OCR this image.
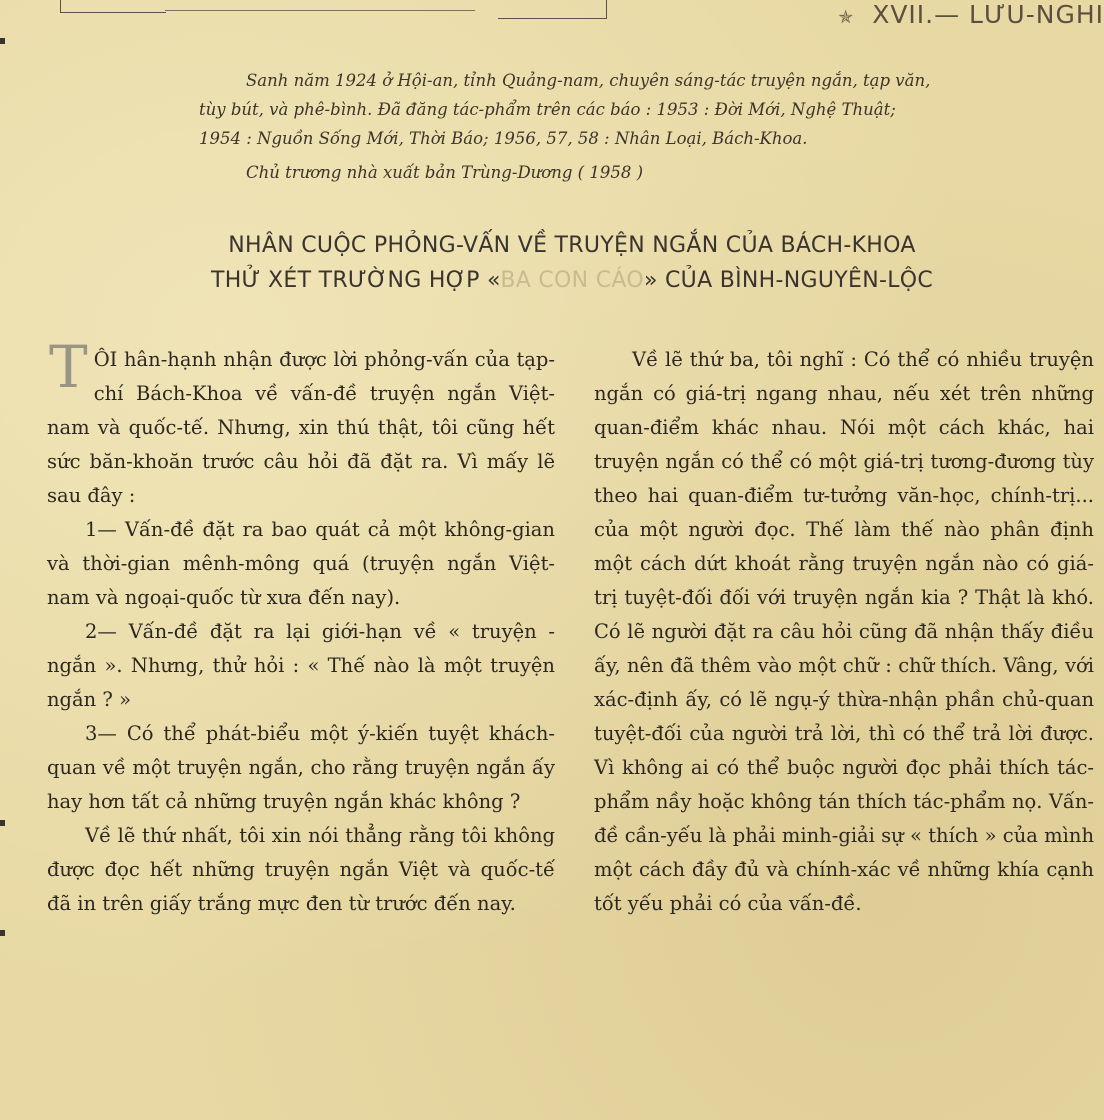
✯ XVII.— LƯU-NGHI
Sanh năm 1924 ở Hội-an, tỉnh Quảng-nam, chuyên sáng-tác truyện ngắn, tạp văn,
tùy bút, và phê-bình. Đã đăng tác-phẩm trên các báo : 1953 : Đời Mới, Nghệ Thuật;
1954 : Nguồn Sống Mới, Thời Báo; 1956, 57, 58 : Nhân Loại, Bách-Khoa.
Chủ trương nhà xuất bản Trùng-Dương ( 1958 )
NHÂN CUỘC PHỎNG-VẤN VỀ TRUYỆN NGẮN CỦA BÁCH-KHOA
THỬ XÉT TRƯỜNG HỢP «BA CON CÁO» CỦA BÌNH-NGUYÊN-LỘC

TÔI hân-hạnh nhận được lời phỏng-vấn của tạp-chí Bách-Khoa về vấn-đề truyện ngắn Việt-nam và quốc-tế. Nhưng, xin thú thật, tôi cũng hết sức băn-khoăn trước câu hỏi đã đặt ra. Vì mấy lẽ sau đây :

1— Vấn-đề đặt ra bao quát cả một không-gian và thời-gian mênh-mông quá (truyện ngắn Việt-nam và ngoại-quốc từ xưa đến nay).

2— Vấn-đề đặt ra lại giới-hạn về « truyện - ngắn ». Nhưng, thử hỏi : « Thế nào là một truyện ngắn ? »

3— Có thể phát-biểu một ý-kiến tuyệt khách-quan về một truyện ngắn, cho rằng truyện ngắn ấy hay hơn tất cả những truyện ngắn khác không ?

Về lẽ thứ nhất, tôi xin nói thẳng rằng tôi không được đọc hết những truyện ngắn Việt và quốc-tế đã in trên giấy trắng mực đen từ trước đến nay.

Về lẽ thứ ba, tôi nghĩ : Có thể có nhiều truyện ngắn có giá-trị ngang nhau, nếu xét trên những quan-điểm khác nhau. Nói một cách khác, hai truyện ngắn có thể có một giá-trị tương-đương tùy theo hai quan-điểm tư-tưởng văn-học, chính-trị... của một người đọc. Thế làm thế nào phân định một cách dứt khoát rằng truyện ngắn nào có giá-trị tuyệt-đối đối với truyện ngắn kia ? Thật là khó. Có lẽ người đặt ra câu hỏi cũng đã nhận thấy điều ấy, nên đã thêm vào một chữ : chữ thích. Vâng, với xác-định ấy, có lẽ ngụ-ý thừa-nhận phần chủ-quan tuyệt-đối của người trả lời, thì có thể trả lời được. Vì không ai có thể buộc người đọc phải thích tác-phẩm nầy hoặc không tán thích tác-phẩm nọ. Vấn-đề cần-yếu là phải minh-giải sự « thích » của mình một cách đầy đủ và chính-xác về những khía cạnh tốt yếu phải có của vấn-đề.
